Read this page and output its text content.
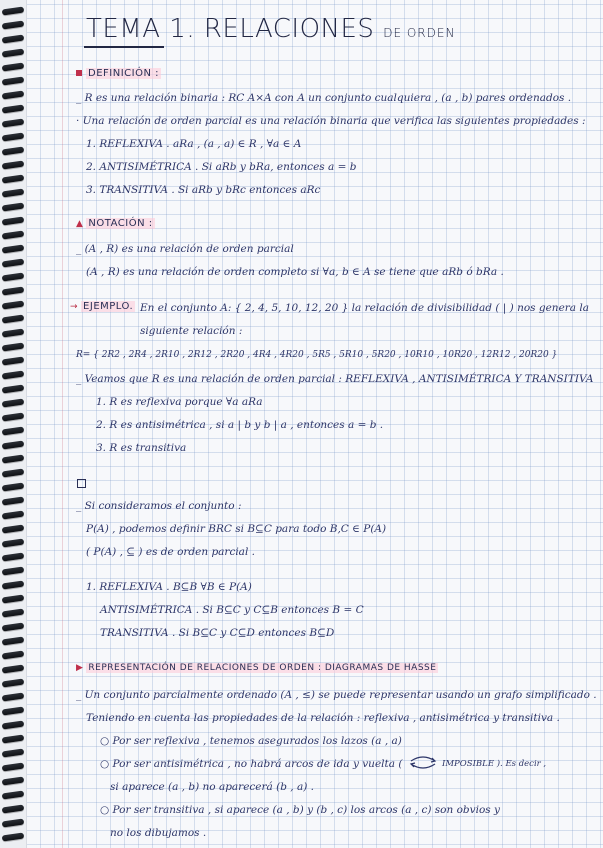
TEMA 1. RELACIONES DE ORDEN
DEFINICIÓN :
_ R es una relación binaria : RC A×A con A un conjunto cualquiera , (a , b) pares ordenados .
· Una relación de orden parcial es una relación binaria que verifica las siguientes propiedades :
1. REFLEXIVA . aRa , (a , a) ∈ R , ∀a ∈ A
2. ANTISIMÉTRICA . Si aRb y bRa, entonces a = b
3. TRANSITIVA . Si aRb y bRc entonces aRc
▲ NOTACIÓN :
_ (A , R) es una relación de orden parcial
(A , R) es una relación de orden completo si ∀a, b ∈ A se tiene que aRb ó bRa .
→ EJEMPLO. En el conjunto A: { 2, 4, 5, 10, 12, 20 } la relación de divisibilidad ( | ) nos genera la
siguiente relación :
R= { 2R2 , 2R4 , 2R10 , 2R12 , 2R20 , 4R4 , 4R20 , 5R5 , 5R10 , 5R20 , 10R10 , 10R20 , 12R12 , 20R20 }
_ Veamos que R es una relación de orden parcial : REFLEXIVA , ANTISIMÉTRICA Y TRANSITIVA
1. R es reflexiva porque ∀a aRa
2. R es antisimétrica , si a | b y b | a , entonces a = b .
3. R es transitiva
_ Si consideramos el conjunto :
P(A) , podemos definir BRC si B⊆C para todo B,C ∈ P(A)
( P(A) , ⊆ ) es de orden parcial .
1. REFLEXIVA . B⊆B ∀B ∈ P(A)
ANTISIMÉTRICA . Si B⊆C y C⊆B entonces B = C
TRANSITIVA . Si B⊆C y C⊆D entonces B⊆D
▶ REPRESENTACIÓN DE RELACIONES DE ORDEN : DIAGRAMAS DE HASSE
_ Un conjunto parcialmente ordenado (A , ≤) se puede representar usando un grafo simplificado .
Teniendo en cuenta las propiedades de la relación : reflexiva , antisimétrica y transitiva .
○ Por ser reflexiva , tenemos asegurados los lazos (a , a)
○ Por ser antisimétrica , no habrá arcos de ida y vuelta (	IMPOSIBLE ). Es decir ,
si aparece (a , b) no aparecerá (b , a) .
○ Por ser transitiva , si aparece (a , b) y (b , c) los arcos (a , c) son obvios y
no los dibujamos .
